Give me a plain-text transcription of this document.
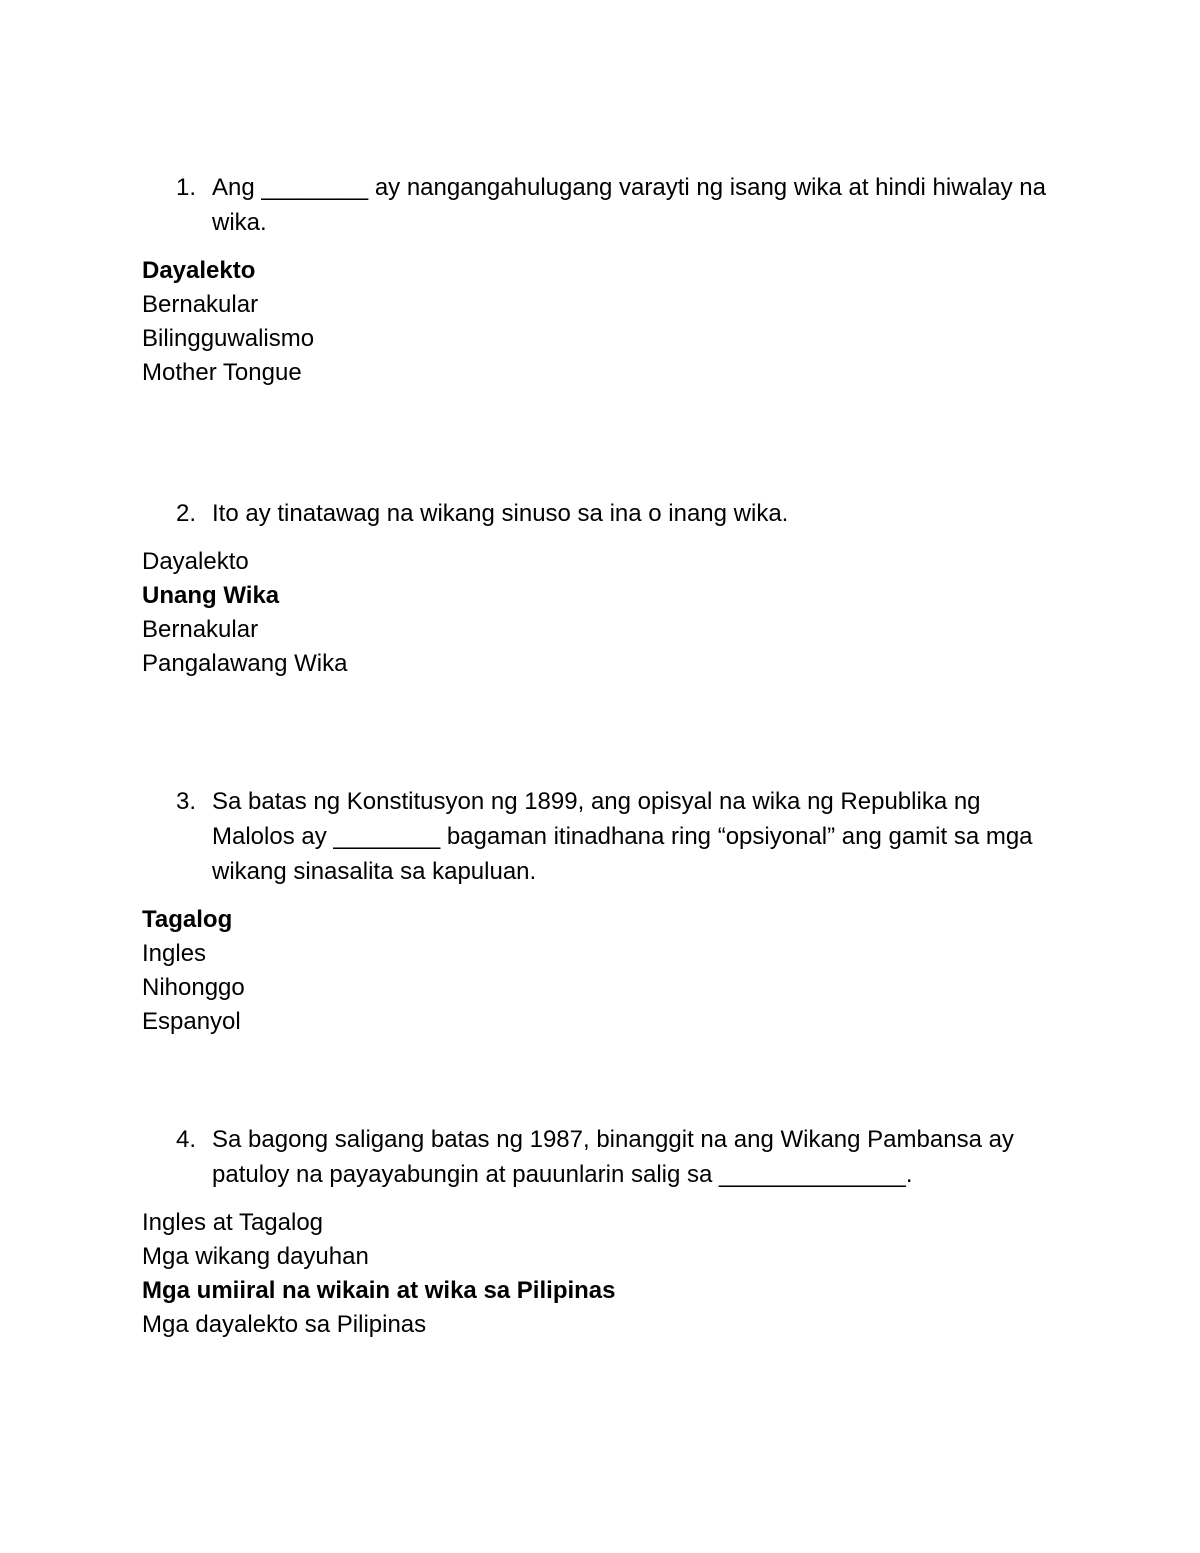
1. Ang ________ ay nangangahulugang varayti ng isang wika at hindi hiwalay na wika.
Dayalekto
Bernakular
Bilingguwalismo
Mother Tongue
2. Ito ay tinatawag na wikang sinuso sa ina o inang wika.
Dayalekto
Unang Wika
Bernakular
Pangalawang Wika
3. Sa batas ng Konstitusyon ng 1899, ang opisyal na wika ng Republika ng Malolos ay ________ bagaman itinadhana ring “opsiyonal” ang gamit sa mga wikang sinasalita sa kapuluan.
Tagalog
Ingles
Nihonggo
Espanyol
4. Sa bagong saligang batas ng 1987, binanggit na ang Wikang Pambansa ay patuloy na payayabungin at pauunlarin salig sa ______________.
Ingles at Tagalog
Mga wikang dayuhan
Mga umiiral na wikain at wika sa Pilipinas
Mga dayalekto sa Pilipinas
